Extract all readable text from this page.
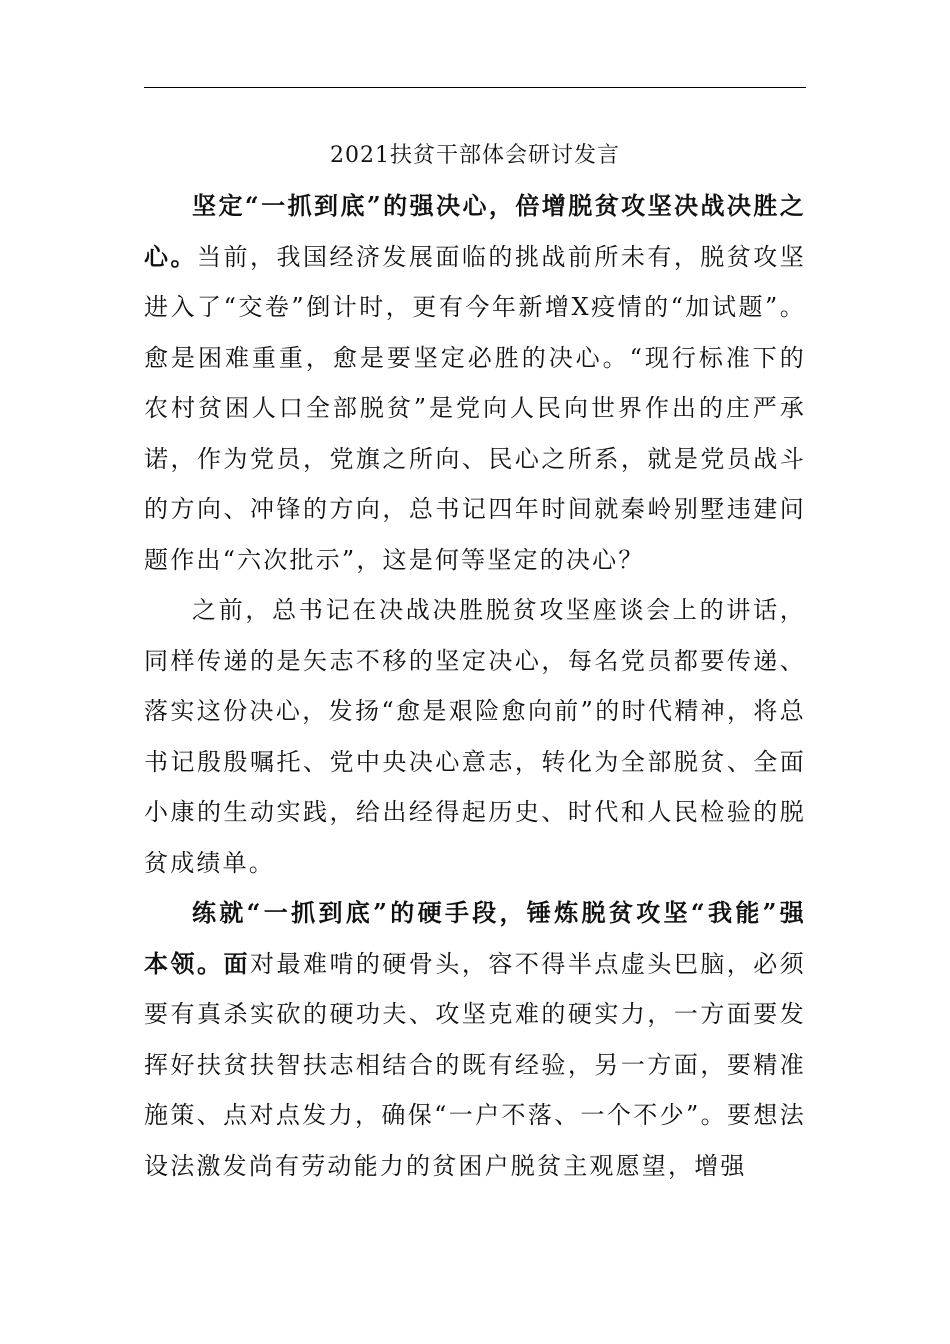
2021扶贫干部体会研讨发言

坚定“一抓到底”的强决心，倍增脱贫攻坚决战决胜之心。当前，我国经济发展面临的挑战前所未有，脱贫攻坚进入了“交卷”倒计时，更有今年新增X疫情的“加试题”。愈是困难重重，愈是要坚定必胜的决心。“现行标准下的农村贫困人口全部脱贫”是党向人民向世界作出的庄严承诺，作为党员，党旗之所向、民心之所系，就是党员战斗的方向、冲锋的方向，总书记四年时间就秦岭别墅违建问题作出“六次批示”，这是何等坚定的决心？

之前，总书记在决战决胜脱贫攻坚座谈会上的讲话，同样传递的是矢志不移的坚定决心，每名党员都要传递、落实这份决心，发扬“愈是艰险愈向前”的时代精神，将总书记殷殷嘱托、党中央决心意志，转化为全部脱贫、全面小康的生动实践，给出经得起历史、时代和人民检验的脱贫成绩单。

练就“一抓到底”的硬手段，锤炼脱贫攻坚“我能”强本领。面对最难啃的硬骨头，容不得半点虚头巴脑，必须要有真杀实砍的硬功夫、攻坚克难的硬实力，一方面要发挥好扶贫扶智扶志相结合的既有经验，另一方面，要精准施策、点对点发力，确保“一户不落、一个不少”。要想法设法激发尚有劳动能力的贫困户脱贫主观愿望，增强
